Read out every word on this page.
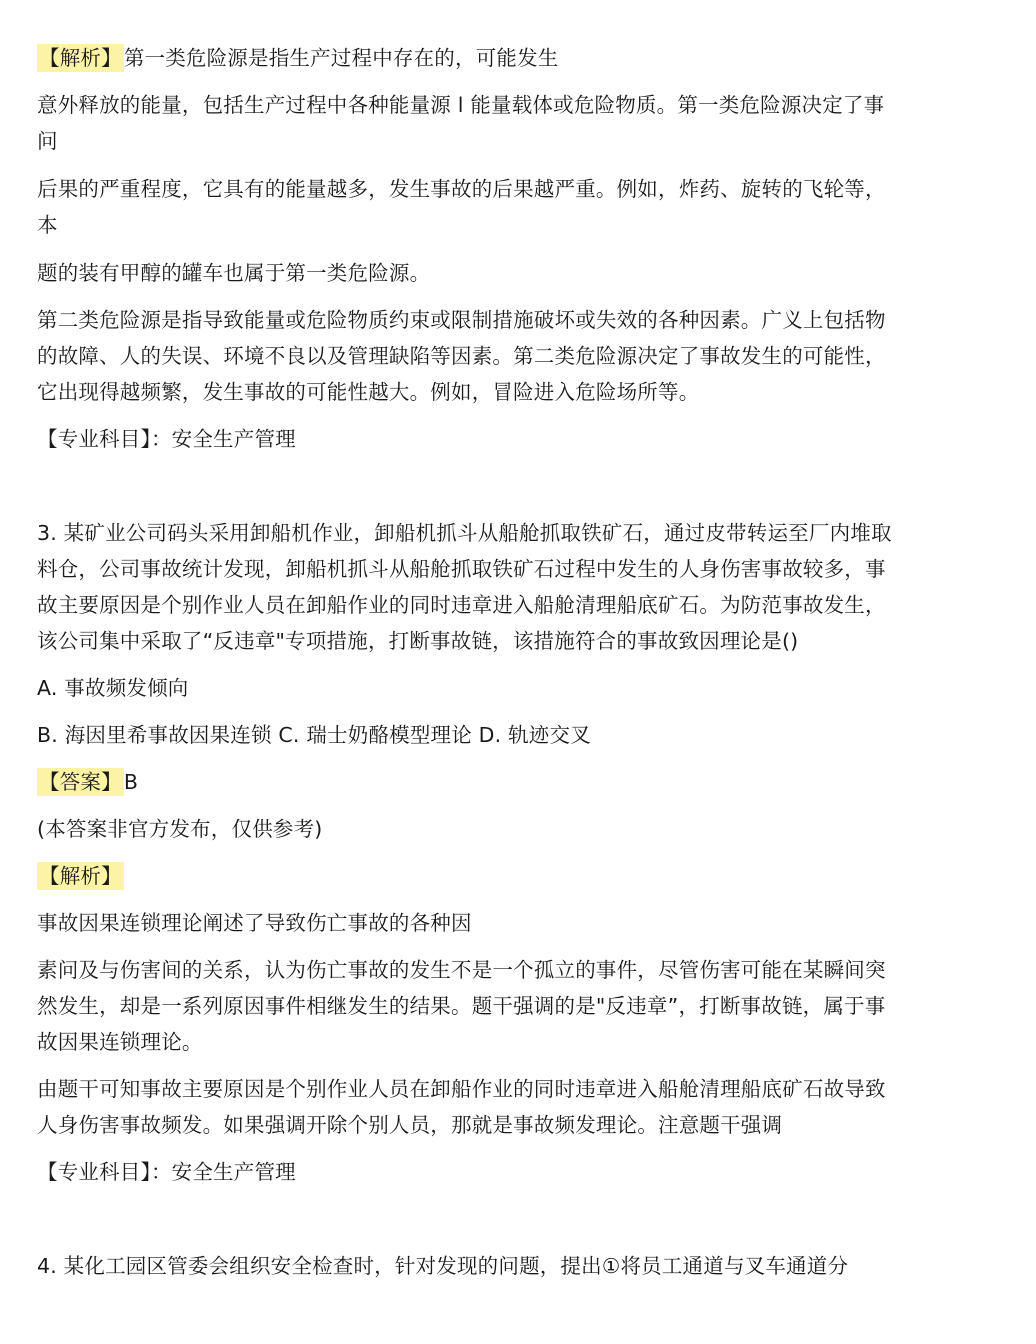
【解析】第一类危险源是指生产过程中存在的，可能发生
意外释放的能量，包括生产过程中各种能量源 l 能量载体或危险物质。第一类危险源决定了事
问
后果的严重程度，它具有的能量越多，发生事故的后果越严重。例如，炸药、旋转的飞轮等，
本
题的装有甲醇的罐车也属于第一类危险源。
第二类危险源是指导致能量或危险物质约束或限制措施破坏或失效的各种因素。广义上包括物
的故障、人的失误、环境不良以及管理缺陷等因素。第二类危险源决定了事故发生的可能性，
它出现得越频繁，发生事故的可能性越大。例如，冒险进入危险场所等。
【专业科目】：安全生产管理
3. 某矿业公司码头采用卸船机作业，卸船机抓斗从船舱抓取铁矿石，通过皮带转运至厂内堆取
料仓，公司事故统计发现，卸船机抓斗从船舱抓取铁矿石过程中发生的人身伤害事故较多，事
故主要原因是个别作业人员在卸船作业的同时违章进入船舱清理船底矿石。为防范事故发生，
该公司集中采取了“反违章"专项措施，打断事故链，该措施符合的事故致因理论是()
A. 事故频发倾向
B. 海因里希事故因果连锁 C. 瑞士奶酪模型理论 D. 轨迹交叉
【答案】B
(本答案非官方发布，仅供参考)
【解析】
事故因果连锁理论阐述了导致伤亡事故的各种因
素问及与伤害间的关系，认为伤亡事故的发生不是一个孤立的事件，尽管伤害可能在某瞬间突
然发生，却是一系列原因事件相继发生的结果。题干强调的是"反违章”，打断事故链，属于事
故因果连锁理论。
由题干可知事故主要原因是个别作业人员在卸船作业的同时违章进入船舱清理船底矿石故导致
人身伤害事故频发。如果强调开除个别人员，那就是事故频发理论。注意题干强调
【专业科目】：安全生产管理
4. 某化工园区管委会组织安全检查时，针对发现的问题，提出①将员工通道与叉车通道分
